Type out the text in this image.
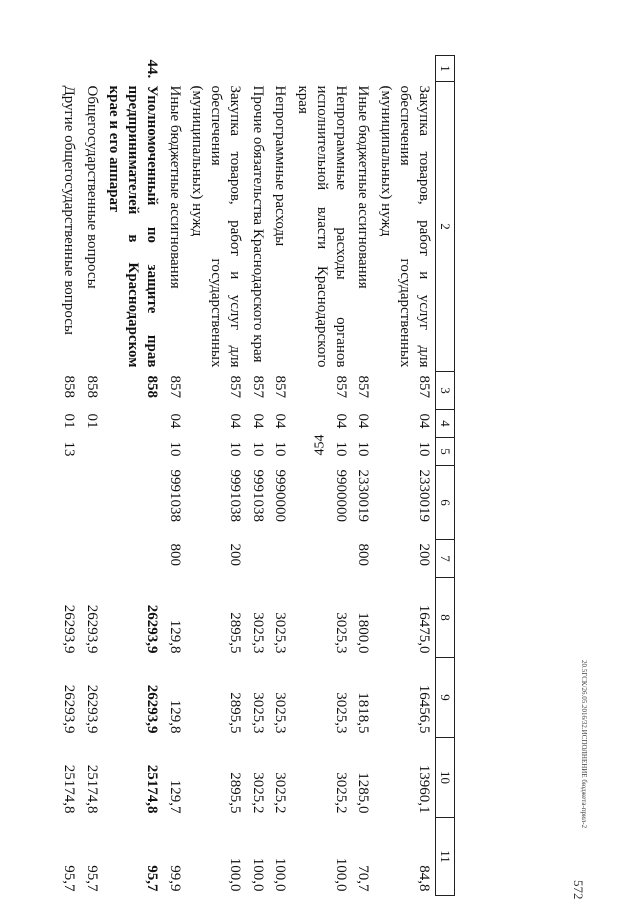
454
1	2	3	4	5	6	7	8	9	10	11
	Закупка товаров, работ и услуг для обеспечения государственных (муниципальных) нужд	857	04	10	2330019	200	16475,0	16456,5	13960,1	84,8
	Иные бюджетные ассигнования	857	04	10	2330019	800	1800,0	1818,5	1285,0	70,7
	Непрограммные расходы органов исполнительной власти Краснодарского края	857	04	10	9900000		3025,3	3025,3	3025,2	100,0
	Непрограммные расходы	857	04	10	9990000		3025,3	3025,3	3025,2	100,0
	Прочие обязательства Краснодарского края	857	04	10	9991038		3025,3	3025,3	3025,2	100,0
	Закупка товаров, работ и услуг для обеспечения государственных (муниципальных) нужд	857	04	10	9991038	200	2895,5	2895,5	2895,5	100,0
	Иные бюджетные ассигнования	857	04	10	9991038	800	129,8	129,8	129,7	99,9
44.	Уполномоченный по защите прав предпринимателей в Краснодарском крае и его аппарат	858					26293,9	26293,9	25174,8	95,7
	Общегосударственные вопросы	858	01				26293,9	26293,9	25174,8	95,7
	Другие общегосударственные вопросы	858	01	13			26293,9	26293,9	25174,8	95,7
20.5ГСК/26.05.2016/32.ИСПОЛНЕНИЕ бюджета-прил-2
572
